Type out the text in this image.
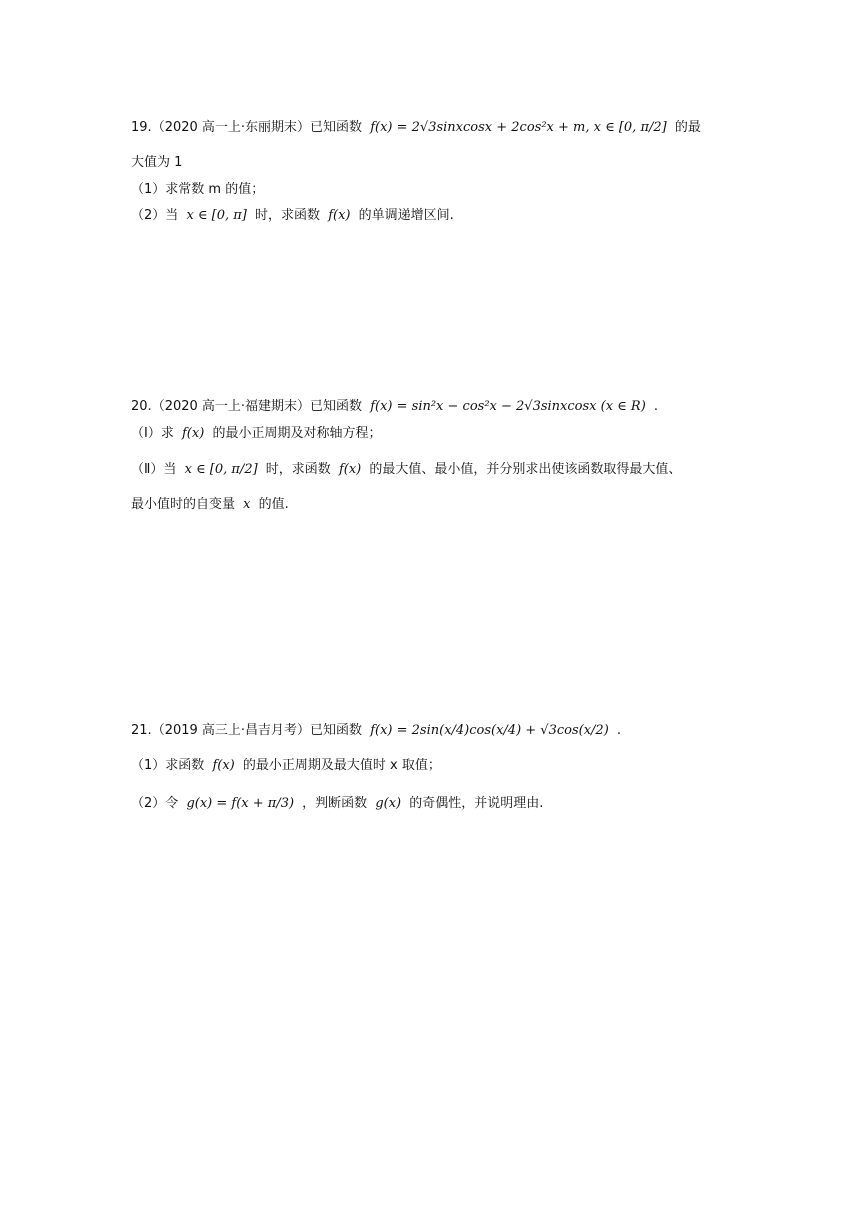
19.（2020 高一上·东丽期末）已知函数 f(x) = 2√3sinxcosx + 2cos²x + m, x ∈ [0, π/2] 的最
大值为 1
（1）求常数 m 的值；
（2）当 x ∈ [0, π] 时，求函数 f(x) 的单调递增区间.
20.（2020 高一上·福建期末）已知函数 f(x) = sin²x − cos²x − 2√3sinxcosx (x ∈ R) .
（Ⅰ）求 f(x) 的最小正周期及对称轴方程；
（Ⅱ）当 x ∈ [0, π/2] 时，求函数 f(x) 的最大值、最小值，并分别求出使该函数取得最大值、
最小值时的自变量 x 的值.
21.（2019 高三上·昌吉月考）已知函数 f(x) = 2sin(x/4)cos(x/4) + √3cos(x/2) .
（1）求函数 f(x) 的最小正周期及最大值时 x 取值；
（2）令 g(x) = f(x + π/3) ，判断函数 g(x) 的奇偶性，并说明理由.
